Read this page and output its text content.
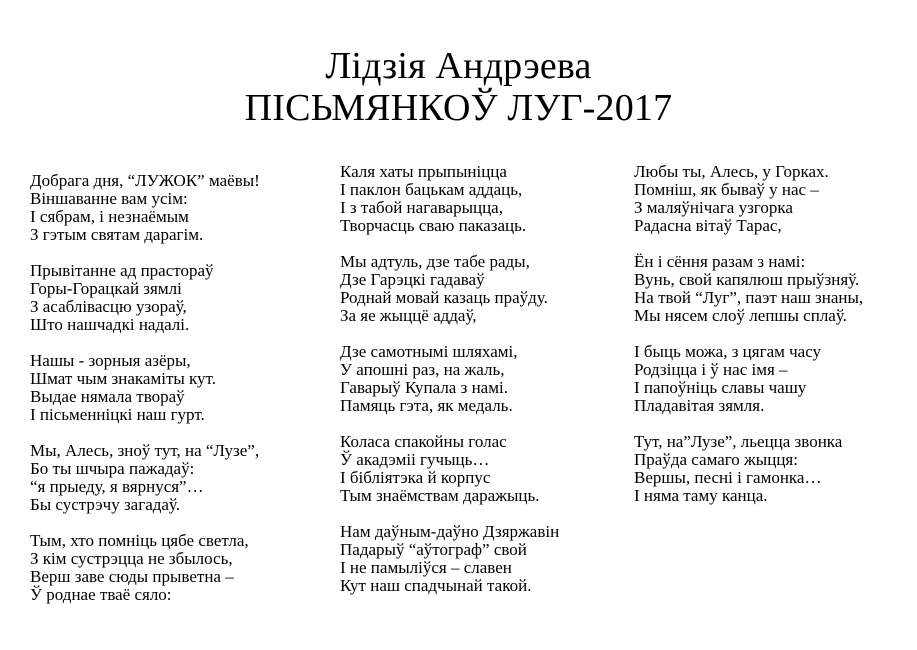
Лідзія Андрэева
ПІСЬМЯНКОЎ ЛУГ-2017
Добрага дня, “ЛУЖОК” маёвы!
Віншаванне вам усім:
І сябрам, і незнаёмым
З гэтым святам дарагім.
Прывітанне ад прастораў
Горы-Горацкай зямлі
З асаблівасцю узораў,
Што нашчадкі надалі.
Нашы - зорныя азёры,
Шмат чым знакаміты кут.
Выдае нямала твораў
І пісьменніцкі наш гурт.
Мы, Алесь, зноў тут, на “Лузе”,
Бо ты шчыра пажадаў:
“я прыеду, я вярнуся”…
Бы сустрэчу загадаў.
Тым, хто помніць цябе светла,
З кім сустрэцца не збылось,
Верш заве сюды прыветна –
Ў роднае тваё сяло:
Каля хаты прыпыніцца
І паклон бацькам аддаць,
І з табой нагаварыцца,
Творчасць сваю паказаць.
Мы адтуль, дзе табе рады,
Дзе Гарэцкі гадаваў
Роднай мовай казаць праўду.
За яе жыццё аддаў,
Дзе самотнымі шляхамі,
У апошні раз, на жаль,
Гаварыў Купала з намі.
Памяць гэта, як медаль.
Коласа спакойны голас
Ў акадэміі гучыць…
І бібліятэка й корпус
Тым знаёмствам даражыць.
Нам даўным-даўно Дзяржавін
Падарыў “аўтограф” свой
І не памыліўся – славен
Кут наш спадчынай такой.
Любы ты, Алесь, у Горках.
Помніш, як бываў у нас –
З маляўнічага узгорка
Радасна вітаў Тарас,
Ён і сёння разам з намі:
Вунь, свой капялюш прыўзняў.
На твой “Луг”, паэт наш знаны,
Мы нясем слоў лепшы сплаў.
І быць можа, з цягам часу
Родзіцца і ў нас імя –
І папоўніць славы чашу
Пладавітая зямля.
Тут, на”Лузе”, льецца звонка
Праўда самаго жыцця:
Вершы, песні і гамонка…
І няма таму канца.
